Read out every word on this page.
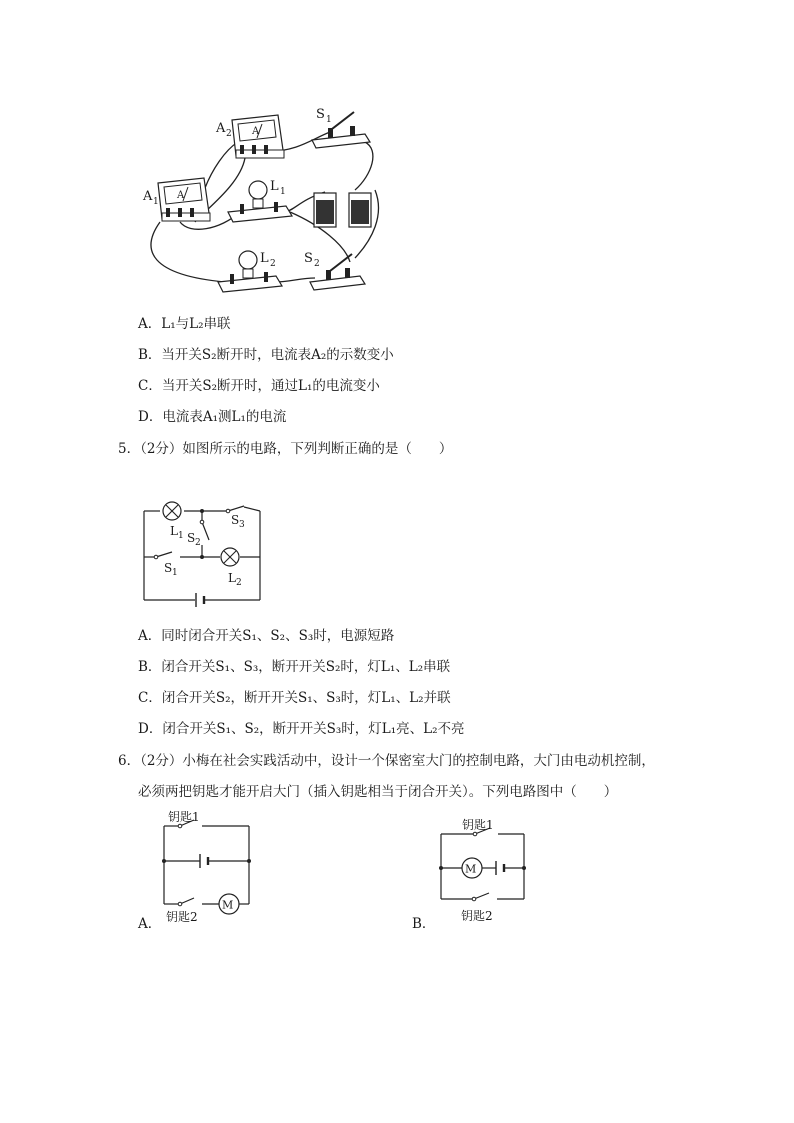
A
A 2
A
A 1
S 1
L 1
L 2 S 2
A．L₁与L₂串联
B．当开关S₂断开时，电流表A₂的示数变小
C．当开关S₂断开时，通过L₁的电流变小
D．电流表A₁测L₁的电流
5．（2分）如图所示的电路，下列判断正确的是（　　）
L 1 S 2
S 3
S 1	L 2
A．同时闭合开关S₁、S₂、S₃时，电源短路
B．闭合开关S₁、S₃，断开开关S₂时，灯L₁、L₂串联
C．闭合开关S₂，断开开关S₁、S₃时，灯L₁、L₂并联
D．闭合开关S₁、S₂，断开开关S₃时，灯L₁亮、L₂不亮
6．（2分）小梅在社会实践活动中，设计一个保密室大门的控制电路，大门由电动机控制，
必须两把钥匙才能开启大门（插入钥匙相当于闭合开关）。下列电路图中（　　）
M
钥匙1
钥匙2
M
钥匙1
钥匙2
A．	B．
